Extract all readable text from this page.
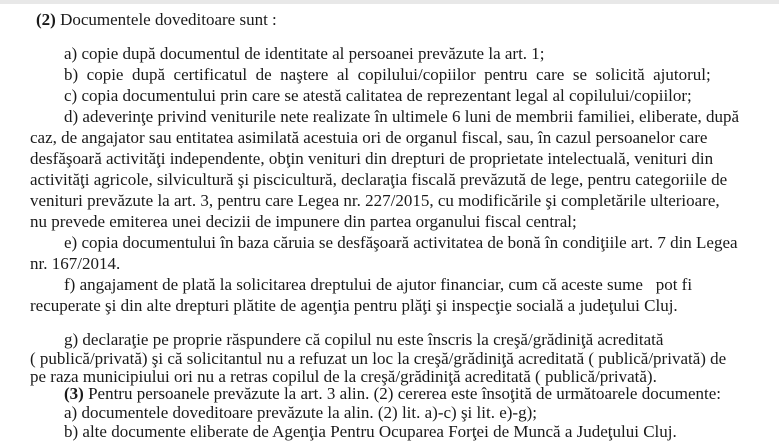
(2) Documentele doveditoare sunt :
a) copie după documentul de identitate al persoanei prevăzute la art. 1;
b)  copie  după  certificatul  de  naştere  al  copilului/copiilor  pentru  care  se  solicită  ajutorul;
c) copia documentului prin care se atestă calitatea de reprezentant legal al copilului/copiilor;
d) adeverinţe privind veniturile nete realizate în ultimele 6 luni de membrii familiei, eliberate, după
caz, de angajator sau entitatea asimilată acestuia ori de organul fiscal, sau, în cazul persoanelor care
desfăşoară activităţi independente, obţin venituri din drepturi de proprietate intelectuală, venituri din
activităţi agricole, silvicultură şi piscicultură, declaraţia fiscală prevăzută de lege, pentru categoriile de
venituri prevăzute la art. 3, pentru care Legea nr. 227/2015, cu modificările şi completările ulterioare,
nu prevede emiterea unei decizii de impunere din partea organului fiscal central;
e) copia documentului în baza căruia se desfăşoară activitatea de bonă în condiţiile art. 7 din Legea
nr. 167/2014.
f) angajament de plată la solicitarea dreptului de ajutor financiar, cum că aceste sume   pot fi
recuperate şi din alte drepturi plătite de agenţia pentru plăţi şi inspecţie socială a judeţului Cluj.
g) declaraţie pe proprie răspundere că copilul nu este înscris la creşă/grădiniţă acreditată
( publică/privată) şi că solicitantul nu a refuzat un loc la creşă/grădiniţă acreditată ( publică/privată) de
pe raza municipiului ori nu a retras copilul de la creşă/grădiniţă acreditată ( publică/privată).
(3) Pentru persoanele prevăzute la art. 3 alin. (2) cererea este însoţită de următoarele documente:
a) documentele doveditoare prevăzute la alin. (2) lit. a)-c) şi lit. e)-g);
b) alte documente eliberate de Agenţia Pentru Ocuparea Forţei de Muncă a Judeţului Cluj.
